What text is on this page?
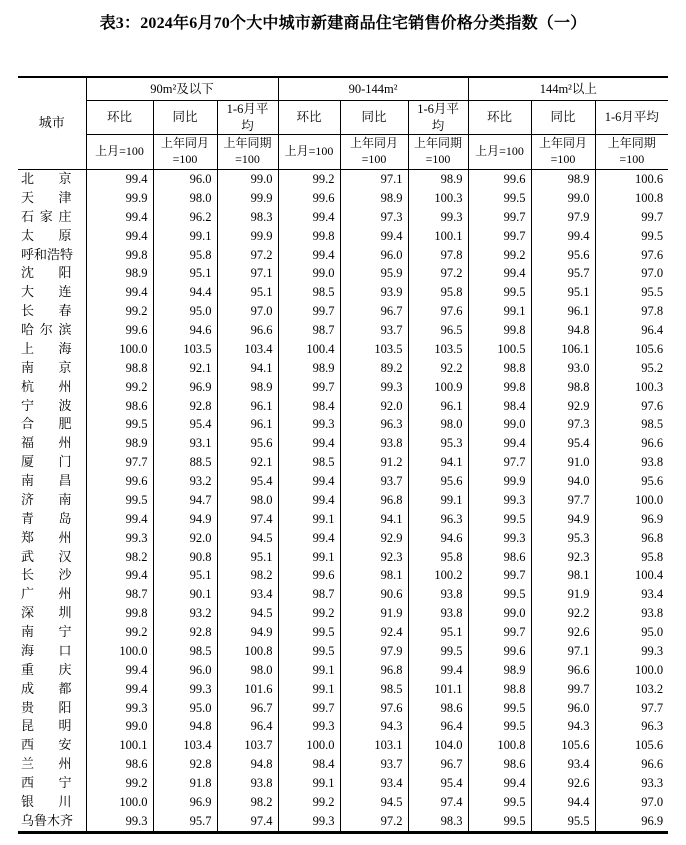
表3：2024年6月70个大中城市新建商品住宅销售价格分类指数（一）
城市	90m²及以下			90-144m²			144m²以上		
	环比	同比	1-6月平均	环比	同比	1-6月平均	环比	同比	1-6月平均
	上月=100	上年同月=100	上年同期=100	上月=100	上年同月=100	上年同期=100	上月=100	上年同月=100	上年同期=100
北京	99.4	96.0	99.0	99.2	97.1	98.9	99.6	98.9	100.6
天津	99.9	98.0	99.9	99.6	98.9	100.3	99.5	99.0	100.8
石家庄	99.4	96.2	98.3	99.4	97.3	99.3	99.7	97.9	99.7
太原	99.4	99.1	99.9	99.8	99.4	100.1	99.7	99.4	99.5
呼和浩特	99.8	95.8	97.2	99.4	96.0	97.8	99.2	95.6	97.6
沈阳	98.9	95.1	97.1	99.0	95.9	97.2	99.4	95.7	97.0
大连	99.4	94.4	95.1	98.5	93.9	95.8	99.5	95.1	95.5
长春	99.2	95.0	97.0	99.7	96.7	97.6	99.1	96.1	97.8
哈尔滨	99.6	94.6	96.6	98.7	93.7	96.5	99.8	94.8	96.4
上海	100.0	103.5	103.4	100.4	103.5	103.5	100.5	106.1	105.6
南京	98.8	92.1	94.1	98.9	89.2	92.2	98.8	93.0	95.2
杭州	99.2	96.9	98.9	99.7	99.3	100.9	99.8	98.8	100.3
宁波	98.6	92.8	96.1	98.4	92.0	96.1	98.4	92.9	97.6
合肥	99.5	95.4	96.1	99.3	96.3	98.0	99.0	97.3	98.5
福州	98.9	93.1	95.6	99.4	93.8	95.3	99.4	95.4	96.6
厦门	97.7	88.5	92.1	98.5	91.2	94.1	97.7	91.0	93.8
南昌	99.6	93.2	95.4	99.4	93.7	95.6	99.9	94.0	95.6
济南	99.5	94.7	98.0	99.4	96.8	99.1	99.3	97.7	100.0
青岛	99.4	94.9	97.4	99.1	94.1	96.3	99.5	94.9	96.9
郑州	99.3	92.0	94.5	99.4	92.9	94.6	99.3	95.3	96.8
武汉	98.2	90.8	95.1	99.1	92.3	95.8	98.6	92.3	95.8
长沙	99.4	95.1	98.2	99.6	98.1	100.2	99.7	98.1	100.4
广州	98.7	90.1	93.4	98.7	90.6	93.8	99.5	91.9	93.4
深圳	99.8	93.2	94.5	99.2	91.9	93.8	99.0	92.2	93.8
南宁	99.2	92.8	94.9	99.5	92.4	95.1	99.7	92.6	95.0
海口	100.0	98.5	100.8	99.5	97.9	99.5	99.6	97.1	99.3
重庆	99.4	96.0	98.0	99.1	96.8	99.4	98.9	96.6	100.0
成都	99.4	99.3	101.6	99.1	98.5	101.1	98.8	99.7	103.2
贵阳	99.3	95.0	96.7	99.7	97.6	98.6	99.5	96.0	97.7
昆明	99.0	94.8	96.4	99.3	94.3	96.4	99.5	94.3	96.3
西安	100.1	103.4	103.7	100.0	103.1	104.0	100.8	105.6	105.6
兰州	98.6	92.8	94.8	98.4	93.7	96.7	98.6	93.4	96.6
西宁	99.2	91.8	93.8	99.1	93.4	95.4	99.4	92.6	93.3
银川	100.0	96.9	98.2	99.2	94.5	97.4	99.5	94.4	97.0
乌鲁木齐	99.3	95.7	97.4	99.3	97.2	98.3	99.5	95.5	96.9
